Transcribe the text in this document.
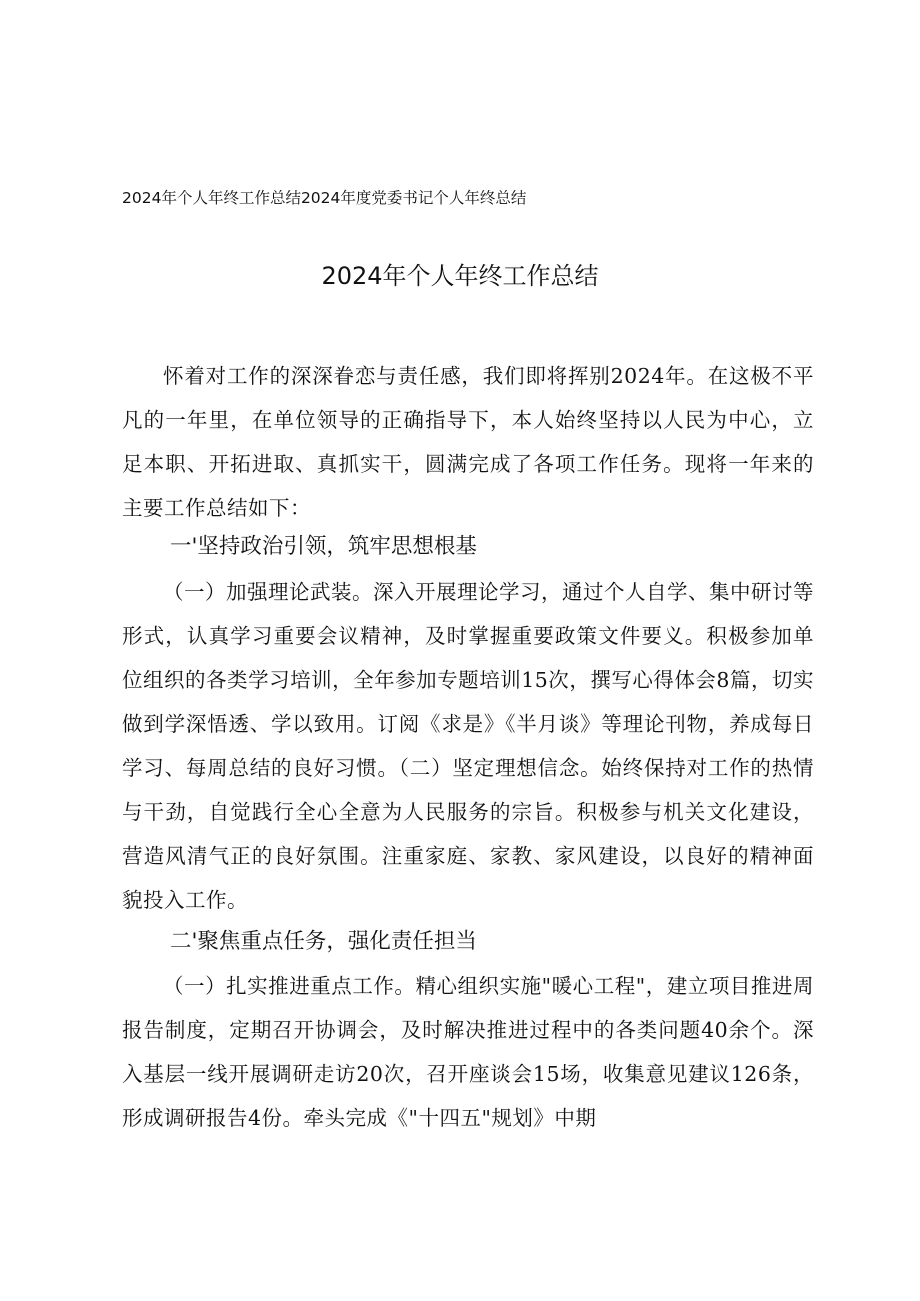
2024年个人年终工作总结2024年度党委书记个人年终总结
2024年个人年终工作总结

怀着对工作的深深眷恋与责任感，我们即将挥别2024年。在这极不平凡的一年里，在单位领导的正确指导下，本人始终坚持以人民为中心，立足本职、开拓进取、真抓实干，圆满完成了各项工作任务。现将一年来的主要工作总结如下：

一'坚持政治引领，筑牢思想根基

（一）加强理论武装。深入开展理论学习，通过个人自学、集中研讨等形式，认真学习重要会议精神，及时掌握重要政策文件要义。积极参加单位组织的各类学习培训，全年参加专题培训15次，撰写心得体会8篇，切实做到学深悟透、学以致用。订阅《求是》《半月谈》等理论刊物，养成每日学习、每周总结的良好习惯。（二）坚定理想信念。始终保持对工作的热情与干劲，自觉践行全心全意为人民服务的宗旨。积极参与机关文化建设，营造风清气正的良好氛围。注重家庭、家教、家风建设，以良好的精神面貌投入工作。

二'聚焦重点任务，强化责任担当

（一）扎实推进重点工作。精心组织实施"暖心工程"，建立项目推进周报告制度，定期召开协调会，及时解决推进过程中的各类问题40余个。深入基层一线开展调研走访20次，召开座谈会15场，收集意见建议126条，形成调研报告4份。牵头完成《"十四五"规划》中期
